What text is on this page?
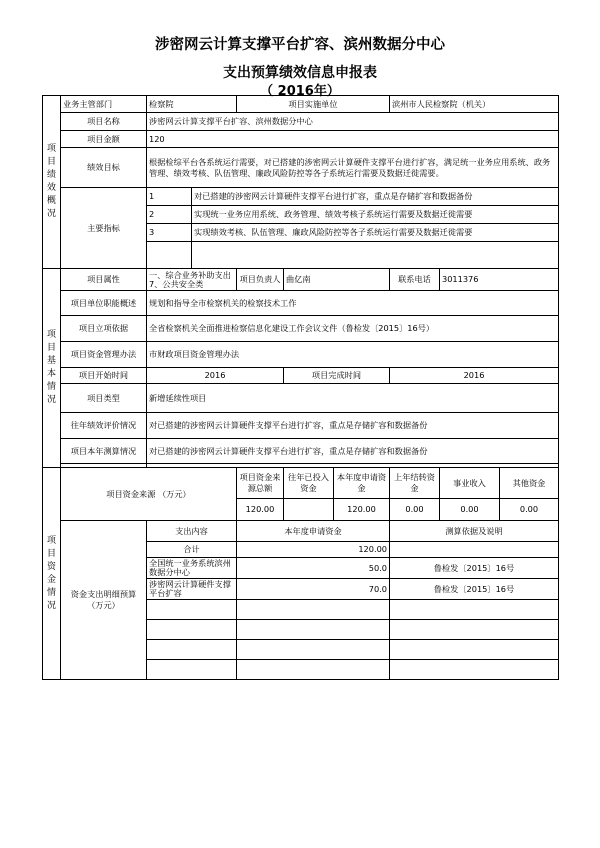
涉密网云计算支撑平台扩容、滨州数据分中心
支出预算绩效信息申报表
（ 2016年）
项目绩效概况	业务主管部门	检察院		项目实施单位			滨州市人民检察院（机关）		
	项目名称	涉密网云计算支撑平台扩容、滨州数据分中心							
	项目金额	120							
	绩效目标	根据检综平台各系统运行需要，对已搭建的涉密网云计算硬件支撑平台进行扩容，满足统一业务应用系统、政务管理、绩效考核、队伍管理、廉政风险防控等各子系统运行需要及数据迁徙需要。							
	主要指标	1	对已搭建的涉密网云计算硬件支撑平台进行扩容，重点是存储扩容和数据备份						
		2	实现统一业务应用系统、政务管理、绩效考核子系统运行需要及数据迁徙需要						
		3	实现绩效考核、队伍管理、廉政风险防控等各子系统运行需要及数据迁徙需要						

项目基本情况	项目属性	一、综合业务补助支出 7、公共安全类		项目负责人	曲亿南		联系电话	3011376	
	项目单位职能概述	规划和指导全市检察机关的检察技术工作							
	项目立项依据	全省检察机关全面推进检察信息化建设工作会议文件（鲁检发〔2015〕16号）							
	项目资金管理办法	市财政项目资金管理办法							
	项目开始时间	2016			项目完成时间		2016		
	项目类型	新增延续性项目							
	往年绩效评价情况	对已搭建的涉密网云计算硬件支撑平台进行扩容，重点是存储扩容和数据备份							
	项目本年测算情况	对已搭建的涉密网云计算硬件支撑平台进行扩容，重点是存储扩容和数据备份							

项目资金情况	项目资金来源 （万元）			项目资金来源总额	往年已投入资金	本年度申请资金	上年结转资金	事业收入	其他资金
				120.00		120.00	0.00	0.00	0.00

	资金支出明细预算（万元）	支出内容		本年度申请资金			测算依据及说明		
		合计		120.00					
		全国统一业务系统滨州数据分中心		50.0			鲁检发〔2015〕16号		
		涉密网云计算硬件支撑平台扩容		70.0			鲁检发〔2015〕16号		
